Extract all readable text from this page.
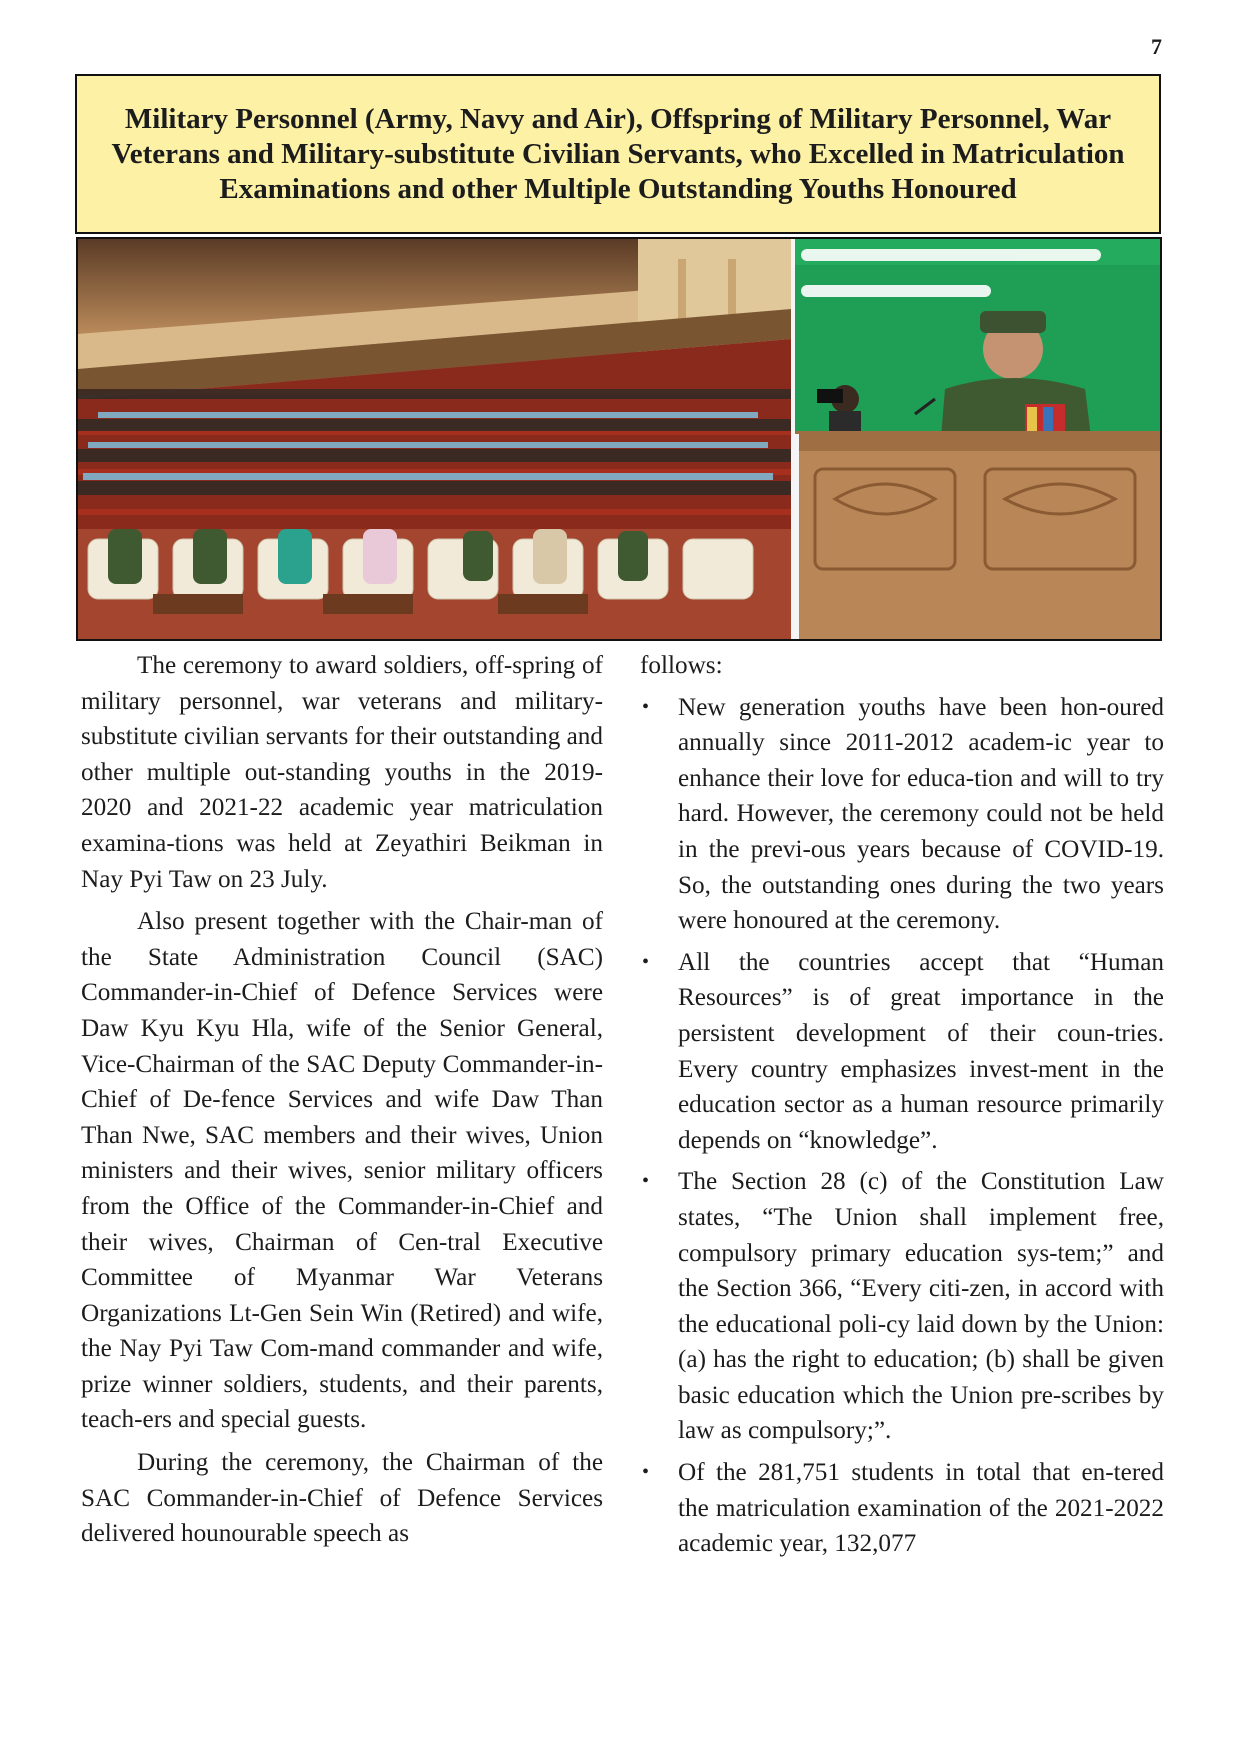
7
Military Personnel (Army, Navy and Air), Offspring of Military Personnel, War Veterans and Military-substitute Civilian Servants, who Excelled in Matriculation Examinations and other Multiple Outstanding Youths Honoured

The ceremony to award soldiers, off-spring of military personnel, war veterans and military-substitute civilian servants for their outstanding and other multiple out-standing youths in the 2019-2020 and 2021-22 academic year matriculation examina-tions was held at Zeyathiri Beikman in Nay Pyi Taw on 23 July.

Also present together with the Chair-man of the State Administration Council (SAC) Commander-in-Chief of Defence Services were Daw Kyu Kyu Hla, wife of the Senior General, Vice-Chairman of the SAC Deputy Commander-in-Chief of De-fence Services and wife Daw Than Than Nwe, SAC members and their wives, Union ministers and their wives, senior military officers from the Office of the Commander-in-Chief and their wives, Chairman of Cen-tral Executive Committee of Myanmar War Veterans Organizations Lt-Gen Sein Win (Retired) and wife, the Nay Pyi Taw Com-mand commander and wife, prize winner soldiers, students, and their parents, teach-ers and special guests.

During the ceremony, the Chairman of the SAC Commander-in-Chief of Defence Services delivered hounourable speech as

follows:

• New generation youths have been hon-oured annually since 2011-2012 academ-ic year to enhance their love for educa-tion and will to try hard. However, the ceremony could not be held in the previ-ous years because of COVID-19. So, the outstanding ones during the two years were honoured at the ceremony.
• All the countries accept that “Human Resources” is of great importance in the persistent development of their coun-tries. Every country emphasizes invest-ment in the education sector as a human resource primarily depends on “knowledge”.
• The Section 28 (c) of the Constitution Law states, “The Union shall implement free, compulsory primary education sys-tem;” and the Section 366, “Every citi-zen, in accord with the educational poli-cy laid down by the Union: (a) has the right to education; (b) shall be given basic education which the Union pre-scribes by law as compulsory;”.
• Of the 281,751 students in total that en-tered the matriculation examination of the 2021-2022 academic year, 132,077
